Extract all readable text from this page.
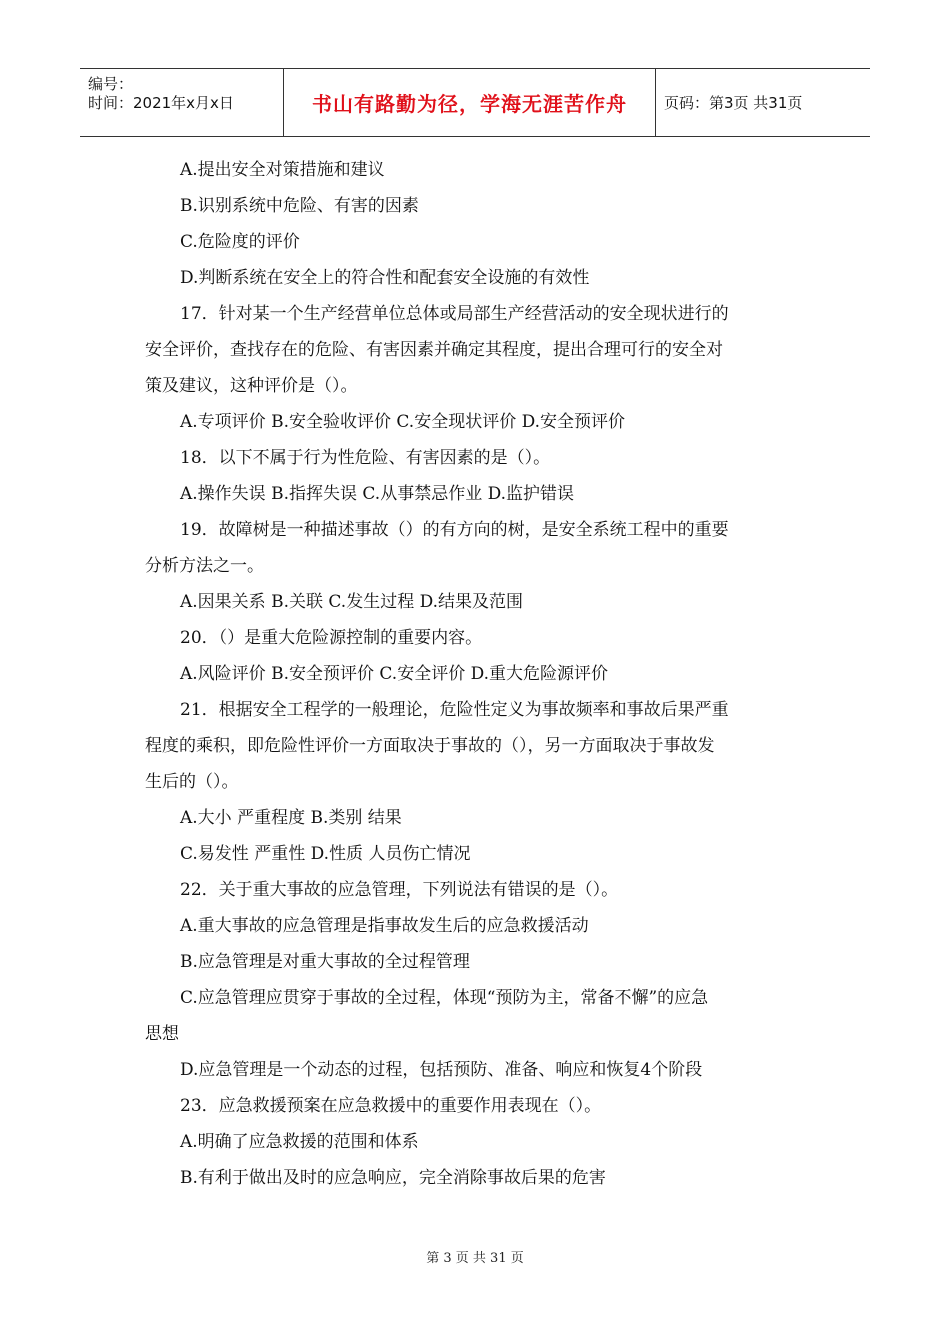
编号：
时间：2021年x月x日	书山有路勤为径，学海无涯苦作舟	页码：第3页 共31页
A.提出安全对策措施和建议
B.识别系统中危险、有害的因素
C.危险度的评价
D.判断系统在安全上的符合性和配套安全设施的有效性
17．针对某一个生产经营单位总体或局部生产经营活动的安全现状进行的
安全评价，查找存在的危险、有害因素并确定其程度，提出合理可行的安全对
策及建议，这种评价是（）。
A.专项评价 B.安全验收评价 C.安全现状评价 D.安全预评价
18．以下不属于行为性危险、有害因素的是（）。
A.操作失误 B.指挥失误 C.从事禁忌作业 D.监护错误
19．故障树是一种描述事故（）的有方向的树，是安全系统工程中的重要
分析方法之一。
A.因果关系 B.关联 C.发生过程 D.结果及范围
20．（）是重大危险源控制的重要内容。
A.风险评价 B.安全预评价 C.安全评价 D.重大危险源评价
21．根据安全工程学的一般理论，危险性定义为事故频率和事故后果严重
程度的乘积，即危险性评价一方面取决于事故的（），另一方面取决于事故发
生后的（）。
A.大小 严重程度 B.类别 结果
C.易发性 严重性 D.性质 人员伤亡情况
22．关于重大事故的应急管理，下列说法有错误的是（）。
A.重大事故的应急管理是指事故发生后的应急救援活动
B.应急管理是对重大事故的全过程管理
C.应急管理应贯穿于事故的全过程，体现“预防为主，常备不懈”的应急
思想
D.应急管理是一个动态的过程，包括预防、准备、响应和恢复4个阶段
23．应急救援预案在应急救援中的重要作用表现在（）。
A.明确了应急救援的范围和体系
B.有利于做出及时的应急响应，完全消除事故后果的危害
第 3 页 共 31 页
